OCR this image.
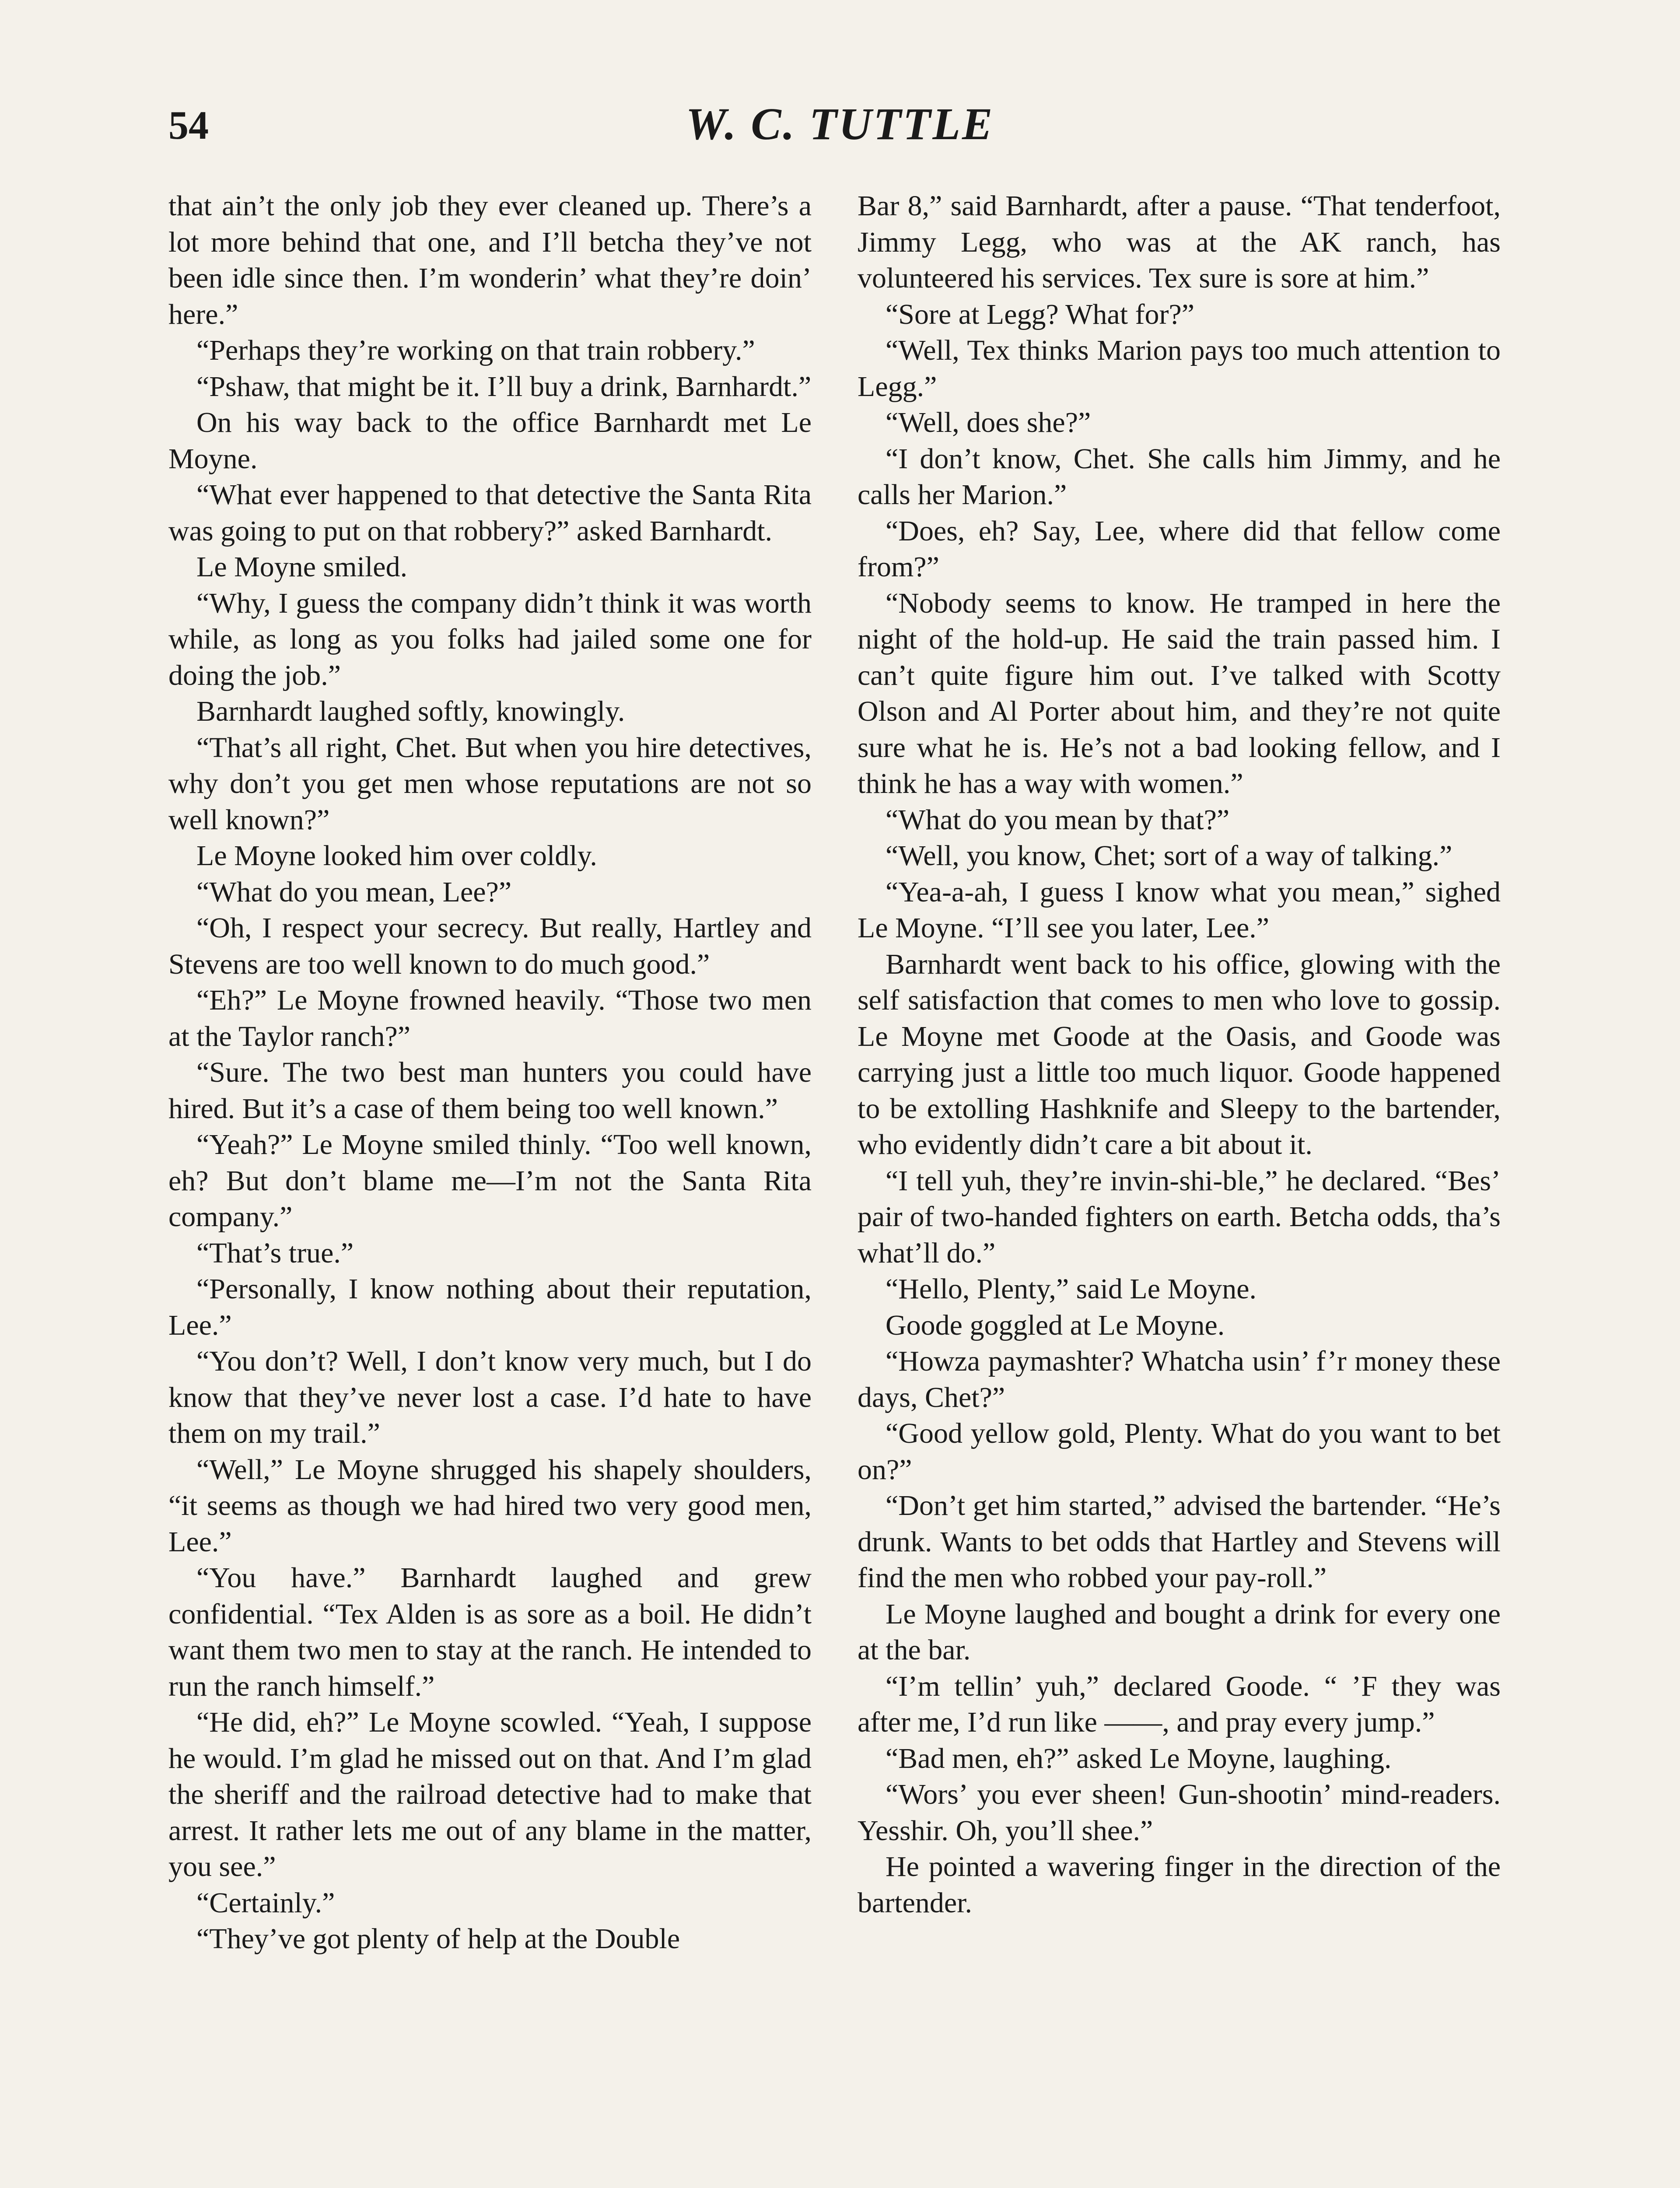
54	W. C. TUTTLE

that ain’t the only job they ever cleaned up. There’s a lot more behind that one, and I’ll betcha they’ve not been idle since then. I’m wonderin’ what they’re doin’ here.”

“Perhaps they’re working on that train robbery.”

“Pshaw, that might be it. I’ll buy a drink, Barnhardt.”

On his way back to the office Barnhardt met Le Moyne.

“What ever happened to that detective the Santa Rita was going to put on that robbery?” asked Barnhardt.

Le Moyne smiled.

“Why, I guess the company didn’t think it was worth while, as long as you folks had jailed some one for doing the job.”

Barnhardt laughed softly, knowingly.

“That’s all right, Chet. But when you hire detectives, why don’t you get men whose reputations are not so well known?”

Le Moyne looked him over coldly.

“What do you mean, Lee?”

“Oh, I respect your secrecy. But really, Hartley and Stevens are too well known to do much good.”

“Eh?” Le Moyne frowned heavily. “Those two men at the Taylor ranch?”

“Sure. The two best man hunters you could have hired. But it’s a case of them being too well known.”

“Yeah?” Le Moyne smiled thinly. “Too well known, eh? But don’t blame me—I’m not the Santa Rita company.”

“That’s true.”

“Personally, I know nothing about their reputation, Lee.”

“You don’t? Well, I don’t know very much, but I do know that they’ve never lost a case. I’d hate to have them on my trail.”

“Well,” Le Moyne shrugged his shapely shoulders, “it seems as though we had hired two very good men, Lee.”

“You have.” Barnhardt laughed and grew confidential. “Tex Alden is as sore as a boil. He didn’t want them two men to stay at the ranch. He intended to run the ranch himself.”

“He did, eh?” Le Moyne scowled. “Yeah, I suppose he would. I’m glad he missed out on that. And I’m glad the sheriff and the railroad detective had to make that arrest. It rather lets me out of any blame in the matter, you see.”

“Certainly.”

“They’ve got plenty of help at the Double

Bar 8,” said Barnhardt, after a pause. “That tenderfoot, Jimmy Legg, who was at the AK ranch, has volunteered his services. Tex sure is sore at him.”

“Sore at Legg? What for?”

“Well, Tex thinks Marion pays too much attention to Legg.”

“Well, does she?”

“I don’t know, Chet. She calls him Jimmy, and he calls her Marion.”

“Does, eh? Say, Lee, where did that fellow come from?”

“Nobody seems to know. He tramped in here the night of the hold-up. He said the train passed him. I can’t quite figure him out. I’ve talked with Scotty Olson and Al Porter about him, and they’re not quite sure what he is. He’s not a bad looking fellow, and I think he has a way with women.”

“What do you mean by that?”

“Well, you know, Chet; sort of a way of talking.”

“Yea-a-ah, I guess I know what you mean,” sighed Le Moyne. “I’ll see you later, Lee.”

Barnhardt went back to his office, glowing with the self satisfaction that comes to men who love to gossip. Le Moyne met Goode at the Oasis, and Goode was carrying just a little too much liquor. Goode happened to be extolling Hashknife and Sleepy to the bartender, who evidently didn’t care a bit about it.

“I tell yuh, they’re invin-shi-ble,” he declared. “Bes’ pair of two-handed fighters on earth. Betcha odds, tha’s what’ll do.”

“Hello, Plenty,” said Le Moyne.

Goode goggled at Le Moyne.

“Howza paymashter? Whatcha usin’ f’r money these days, Chet?”

“Good yellow gold, Plenty. What do you want to bet on?”

“Don’t get him started,” advised the bartender. “He’s drunk. Wants to bet odds that Hartley and Stevens will find the men who robbed your pay-roll.”

Le Moyne laughed and bought a drink for every one at the bar.

“I’m tellin’ yuh,” declared Goode. “ ’F they was after me, I’d run like ——, and pray every jump.”

“Bad men, eh?” asked Le Moyne, laughing.

“Wors’ you ever sheen! Gun-shootin’ mind-readers. Yesshir. Oh, you’ll shee.”

He pointed a wavering finger in the direction of the bartender.
